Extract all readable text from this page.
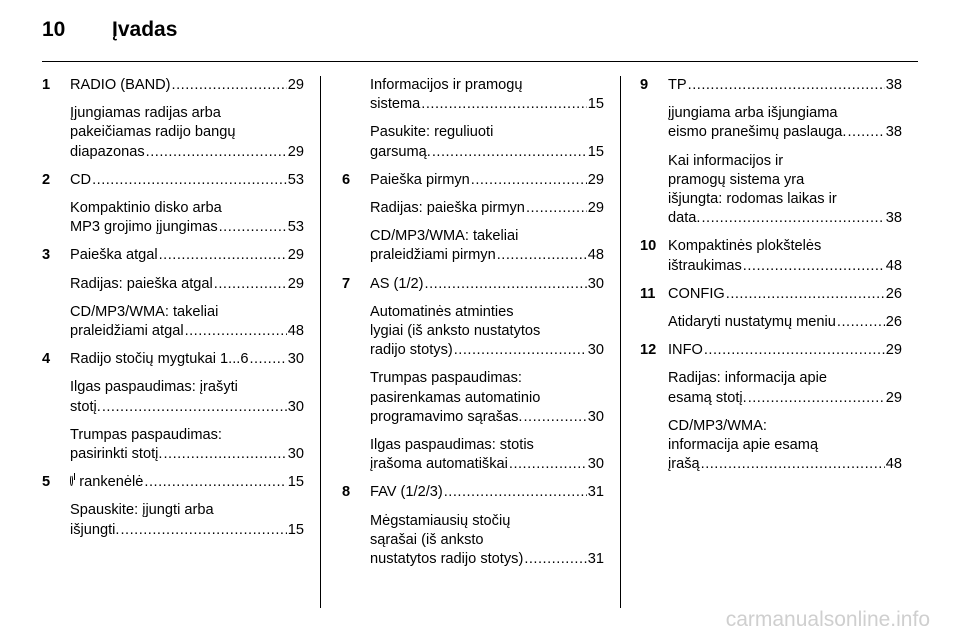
10	Įvadas
1	RADIO (BAND) .....	29
Įjungiamas radijas arba
pakeičiamas radijo bangų
diapazonas .....	29
2	CD .....	53
Kompaktinio disko arba
MP3 grojimo įjungimas .....	53
3	Paieška atgal .....	29
Radijas: paieška atgal .....	29
CD/MP3/WMA: takeliai
praleidžiami atgal .....	48
4	Radijo stočių mygtukai 1...6 .....	30
Ilgas paspaudimas: įrašyti
stotį. .....	30
Trumpas paspaudimas:
pasirinkti stotį. .....	30
5	rankenėlė .....	15
Spauskite: įjungti arba
išjungti. .....	15
Informacijos ir pramogų
sistema .....	15
Pasukite: reguliuoti
garsumą. .....	15
6	Paieška pirmyn .....	29
Radijas: paieška pirmyn .....	29
CD/MP3/WMA: takeliai
praleidžiami pirmyn .....	48
7	AS (1/2) .....	30
Automatinės atminties
lygiai (iš anksto nustatytos
radijo stotys) .....	30
Trumpas paspaudimas:
pasirenkamas automatinio
programavimo sąrašas. .....	30
Ilgas paspaudimas: stotis
įrašoma automatiškai .....	30
8	FAV (1/2/3) .....	31
Mėgstamiausių stočių
sąrašai (iš anksto
nustatytos radijo stotys) .....	31
9	TP .....	38
įjungiama arba išjungiama
eismo pranešimų paslauga. .....	38
Kai informacijos ir
pramogų sistema yra
išjungta: rodomas laikas ir
data. .....	38
10 Kompaktinės plokštelės
ištraukimas .....	48
11 CONFIG .....	26
Atidaryti nustatymų meniu .....	26
12 INFO .....	29
Radijas: informacija apie
esamą stotį. .....	29
CD/MP3/WMA:
informacija apie esamą
įrašą .....	48
carmanualsonline.info
